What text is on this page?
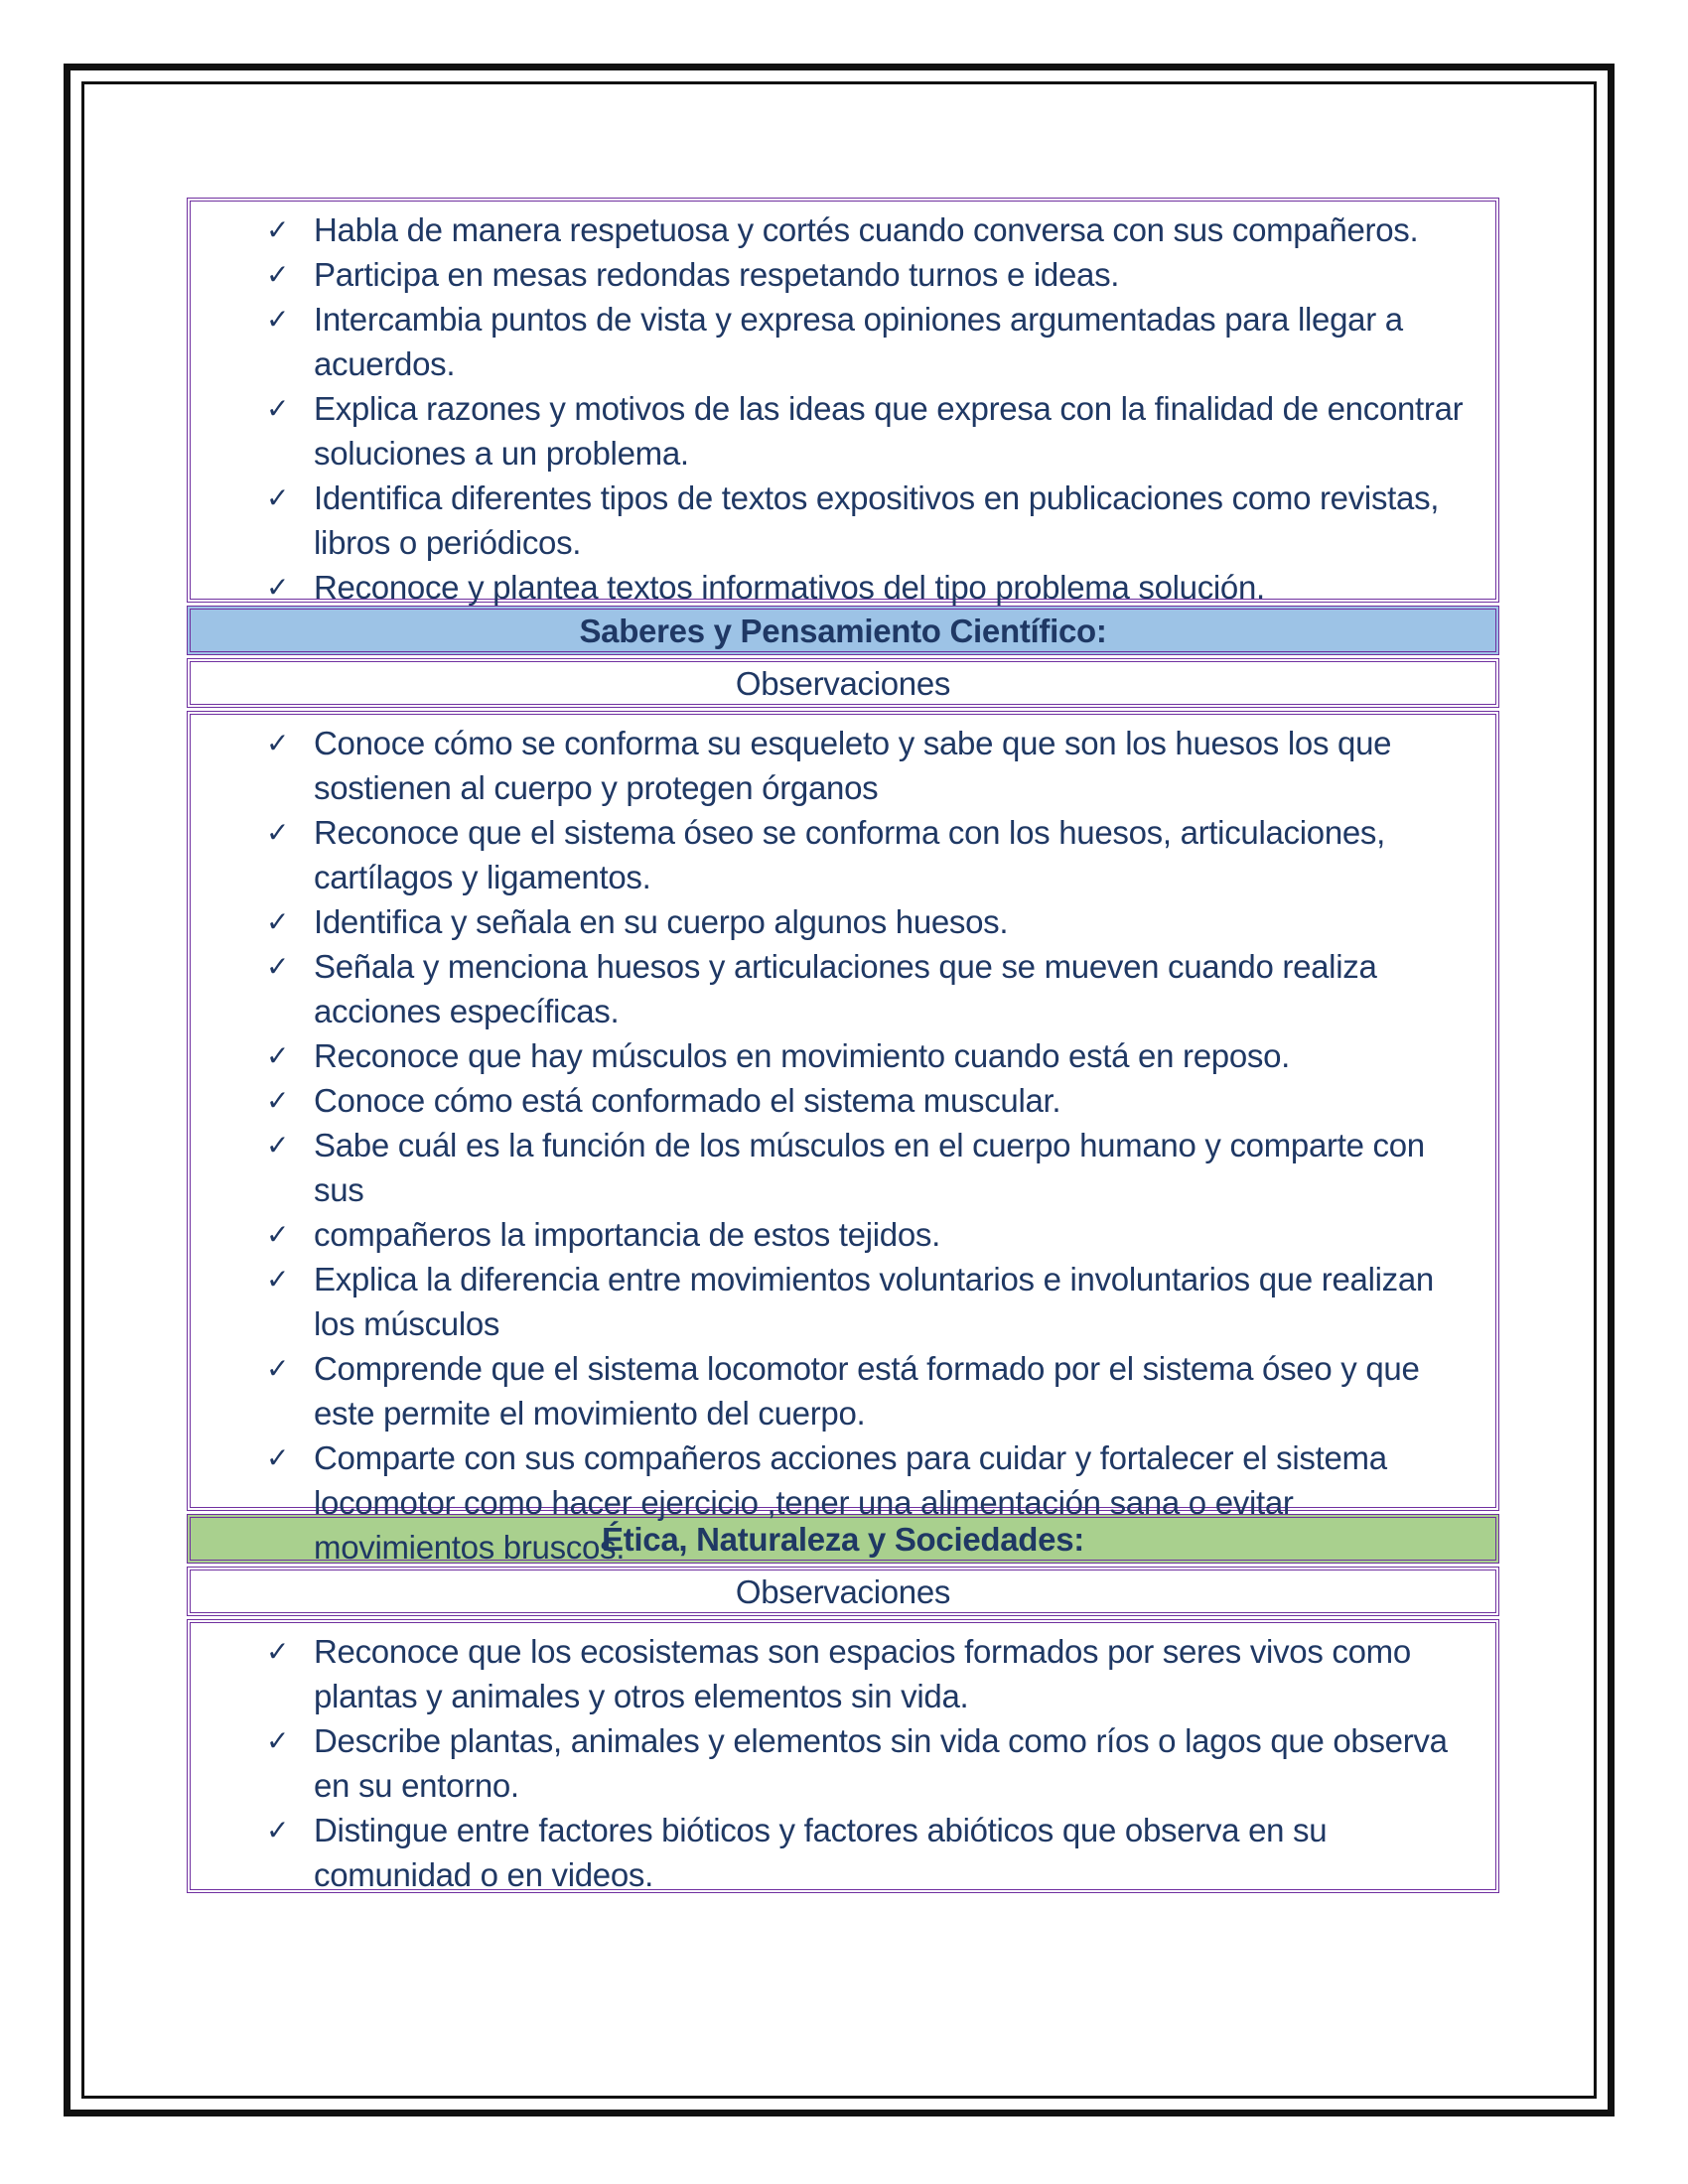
✓ Habla de manera respetuosa y cortés cuando conversa con sus compañeros.
✓ Participa en mesas redondas respetando turnos e ideas.
✓ Intercambia puntos de vista y expresa opiniones argumentadas para llegar a acuerdos.
✓ Explica razones y motivos de las ideas que expresa con la finalidad de encontrar soluciones a un problema.
✓ Identifica diferentes tipos de textos expositivos en publicaciones como revistas, libros o periódicos.
✓ Reconoce y plantea textos informativos del tipo problema solución.
Saberes y Pensamiento Científico:
Observaciones
✓ Conoce cómo se conforma su esqueleto y sabe que son los huesos los que sostienen al cuerpo y protegen órganos
✓ Reconoce que el sistema óseo se conforma con los huesos, articulaciones, cartílagos y ligamentos.
✓ Identifica y señala en su cuerpo algunos huesos.
✓ Señala y menciona huesos y articulaciones que se mueven cuando realiza acciones específicas.
✓ Reconoce que hay músculos en movimiento cuando está en reposo.
✓ Conoce cómo está conformado el sistema muscular.
✓ Sabe cuál es la función de los músculos en el cuerpo humano y comparte con sus
✓ compañeros la importancia de estos tejidos.
✓ Explica la diferencia entre movimientos voluntarios e involuntarios que realizan los músculos
✓ Comprende que el sistema locomotor está formado por el sistema óseo y que este permite el movimiento del cuerpo.
✓ Comparte con sus compañeros acciones para cuidar y fortalecer el sistema locomotor como hacer ejercicio ,tener una alimentación sana o evitar movimientos bruscos.
Ética, Naturaleza y Sociedades:
Observaciones
✓ Reconoce que los ecosistemas son espacios formados por seres vivos como plantas y animales y otros elementos sin vida.
✓ Describe plantas, animales y elementos sin vida como ríos o lagos que observa en su entorno.
✓ Distingue entre factores bióticos y factores abióticos que observa en su comunidad o en videos.
